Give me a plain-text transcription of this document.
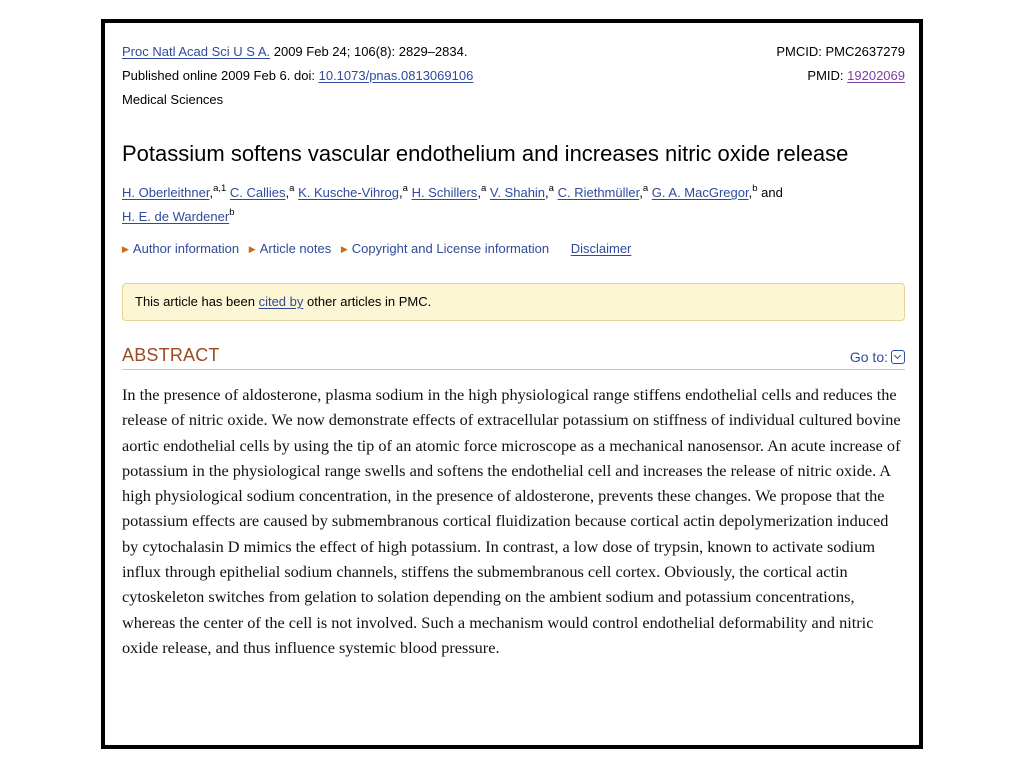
Proc Natl Acad Sci U S A. 2009 Feb 24; 106(8): 2829–2834.	PMCID: PMC2637279
Published online 2009 Feb 6. doi: 10.1073/pnas.0813069106	PMID: 19202069
Medical Sciences
Potassium softens vascular endothelium and increases nitric oxide release
H. Oberleithner,$^{a,1}$ C. Callies,$^a$ K. Kusche-Vihrog,$^a$ H. Schillers,$^a$ V. Shahin,$^a$ C. Riethmüller,$^a$ G. A. MacGregor,$^b$ and
H. E. de Wardener$^b$
▶ Author information ▶ Article notes ▶ Copyright and License information Disclaimer
This article has been cited by other articles in PMC.
ABSTRACT	Go to:
In the presence of aldosterone, plasma sodium in the high physiological range stiffens endothelial cells and reduces the release of nitric oxide. We now demonstrate effects of extracellular potassium on stiffness of individual cultured bovine aortic endothelial cells by using the tip of an atomic force microscope as a mechanical nanosensor. An acute increase of potassium in the physiological range swells and softens the endothelial cell and increases the release of nitric oxide. A high physiological sodium concentration, in the presence of aldosterone, prevents these changes. We propose that the potassium effects are caused by submembranous cortical fluidization because cortical actin depolymerization induced by cytochalasin D mimics the effect of high potassium. In contrast, a low dose of trypsin, known to activate sodium influx through epithelial sodium channels, stiffens the submembranous cell cortex. Obviously, the cortical actin cytoskeleton switches from gelation to solation depending on the ambient sodium and potassium concentrations, whereas the center of the cell is not involved. Such a mechanism would control endothelial deformability and nitric oxide release, and thus influence systemic blood pressure.
